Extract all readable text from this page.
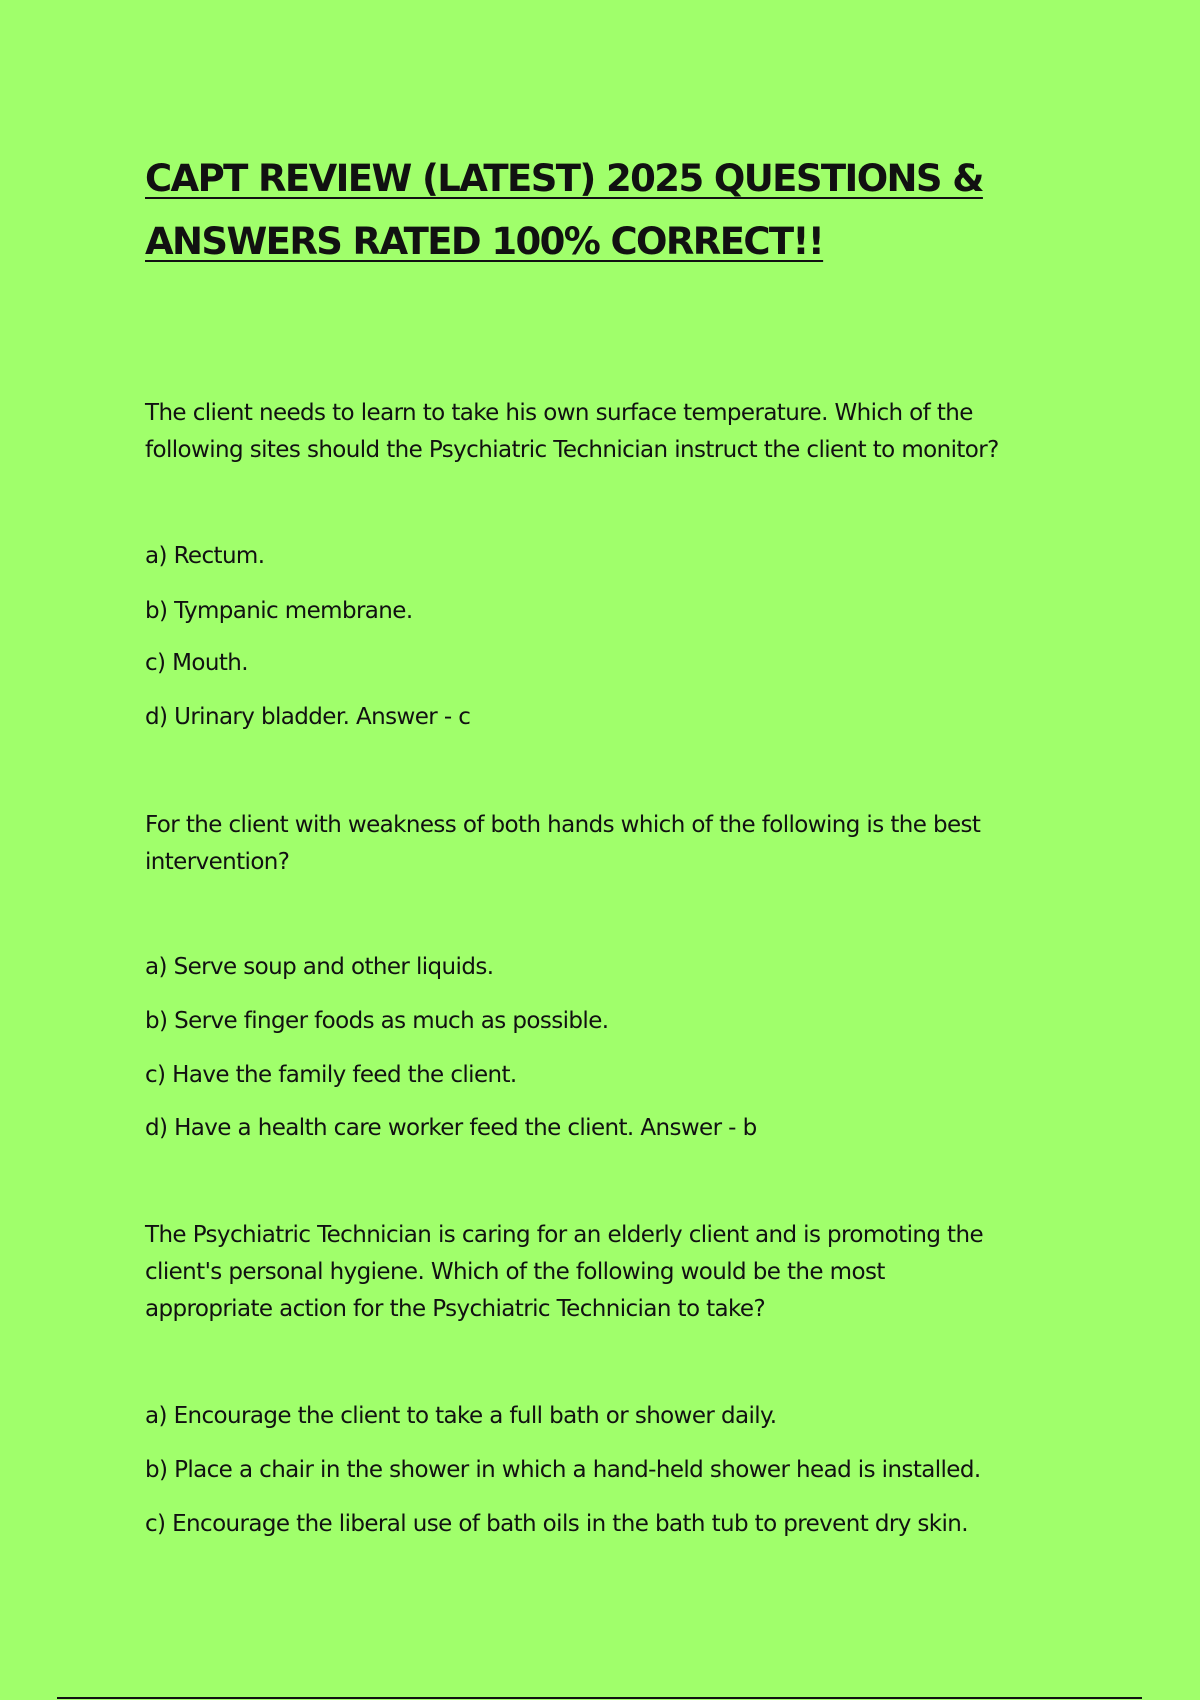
CAPT REVIEW (LATEST) 2025 QUESTIONS &
ANSWERS RATED 100% CORRECT!!

The client needs to learn to take his own surface temperature. Which of the
following sites should the Psychiatric Technician instruct the client to monitor?

a) Rectum.
b) Tympanic membrane.
c) Mouth.
d) Urinary bladder. Answer - c

For the client with weakness of both hands which of the following is the best
intervention?

a) Serve soup and other liquids.
b) Serve finger foods as much as possible.
c) Have the family feed the client.
d) Have a health care worker feed the client. Answer - b

The Psychiatric Technician is caring for an elderly client and is promoting the
client's personal hygiene. Which of the following would be the most
appropriate action for the Psychiatric Technician to take?

a) Encourage the client to take a full bath or shower daily.
b) Place a chair in the shower in which a hand-held shower head is installed.
c) Encourage the liberal use of bath oils in the bath tub to prevent dry skin.
